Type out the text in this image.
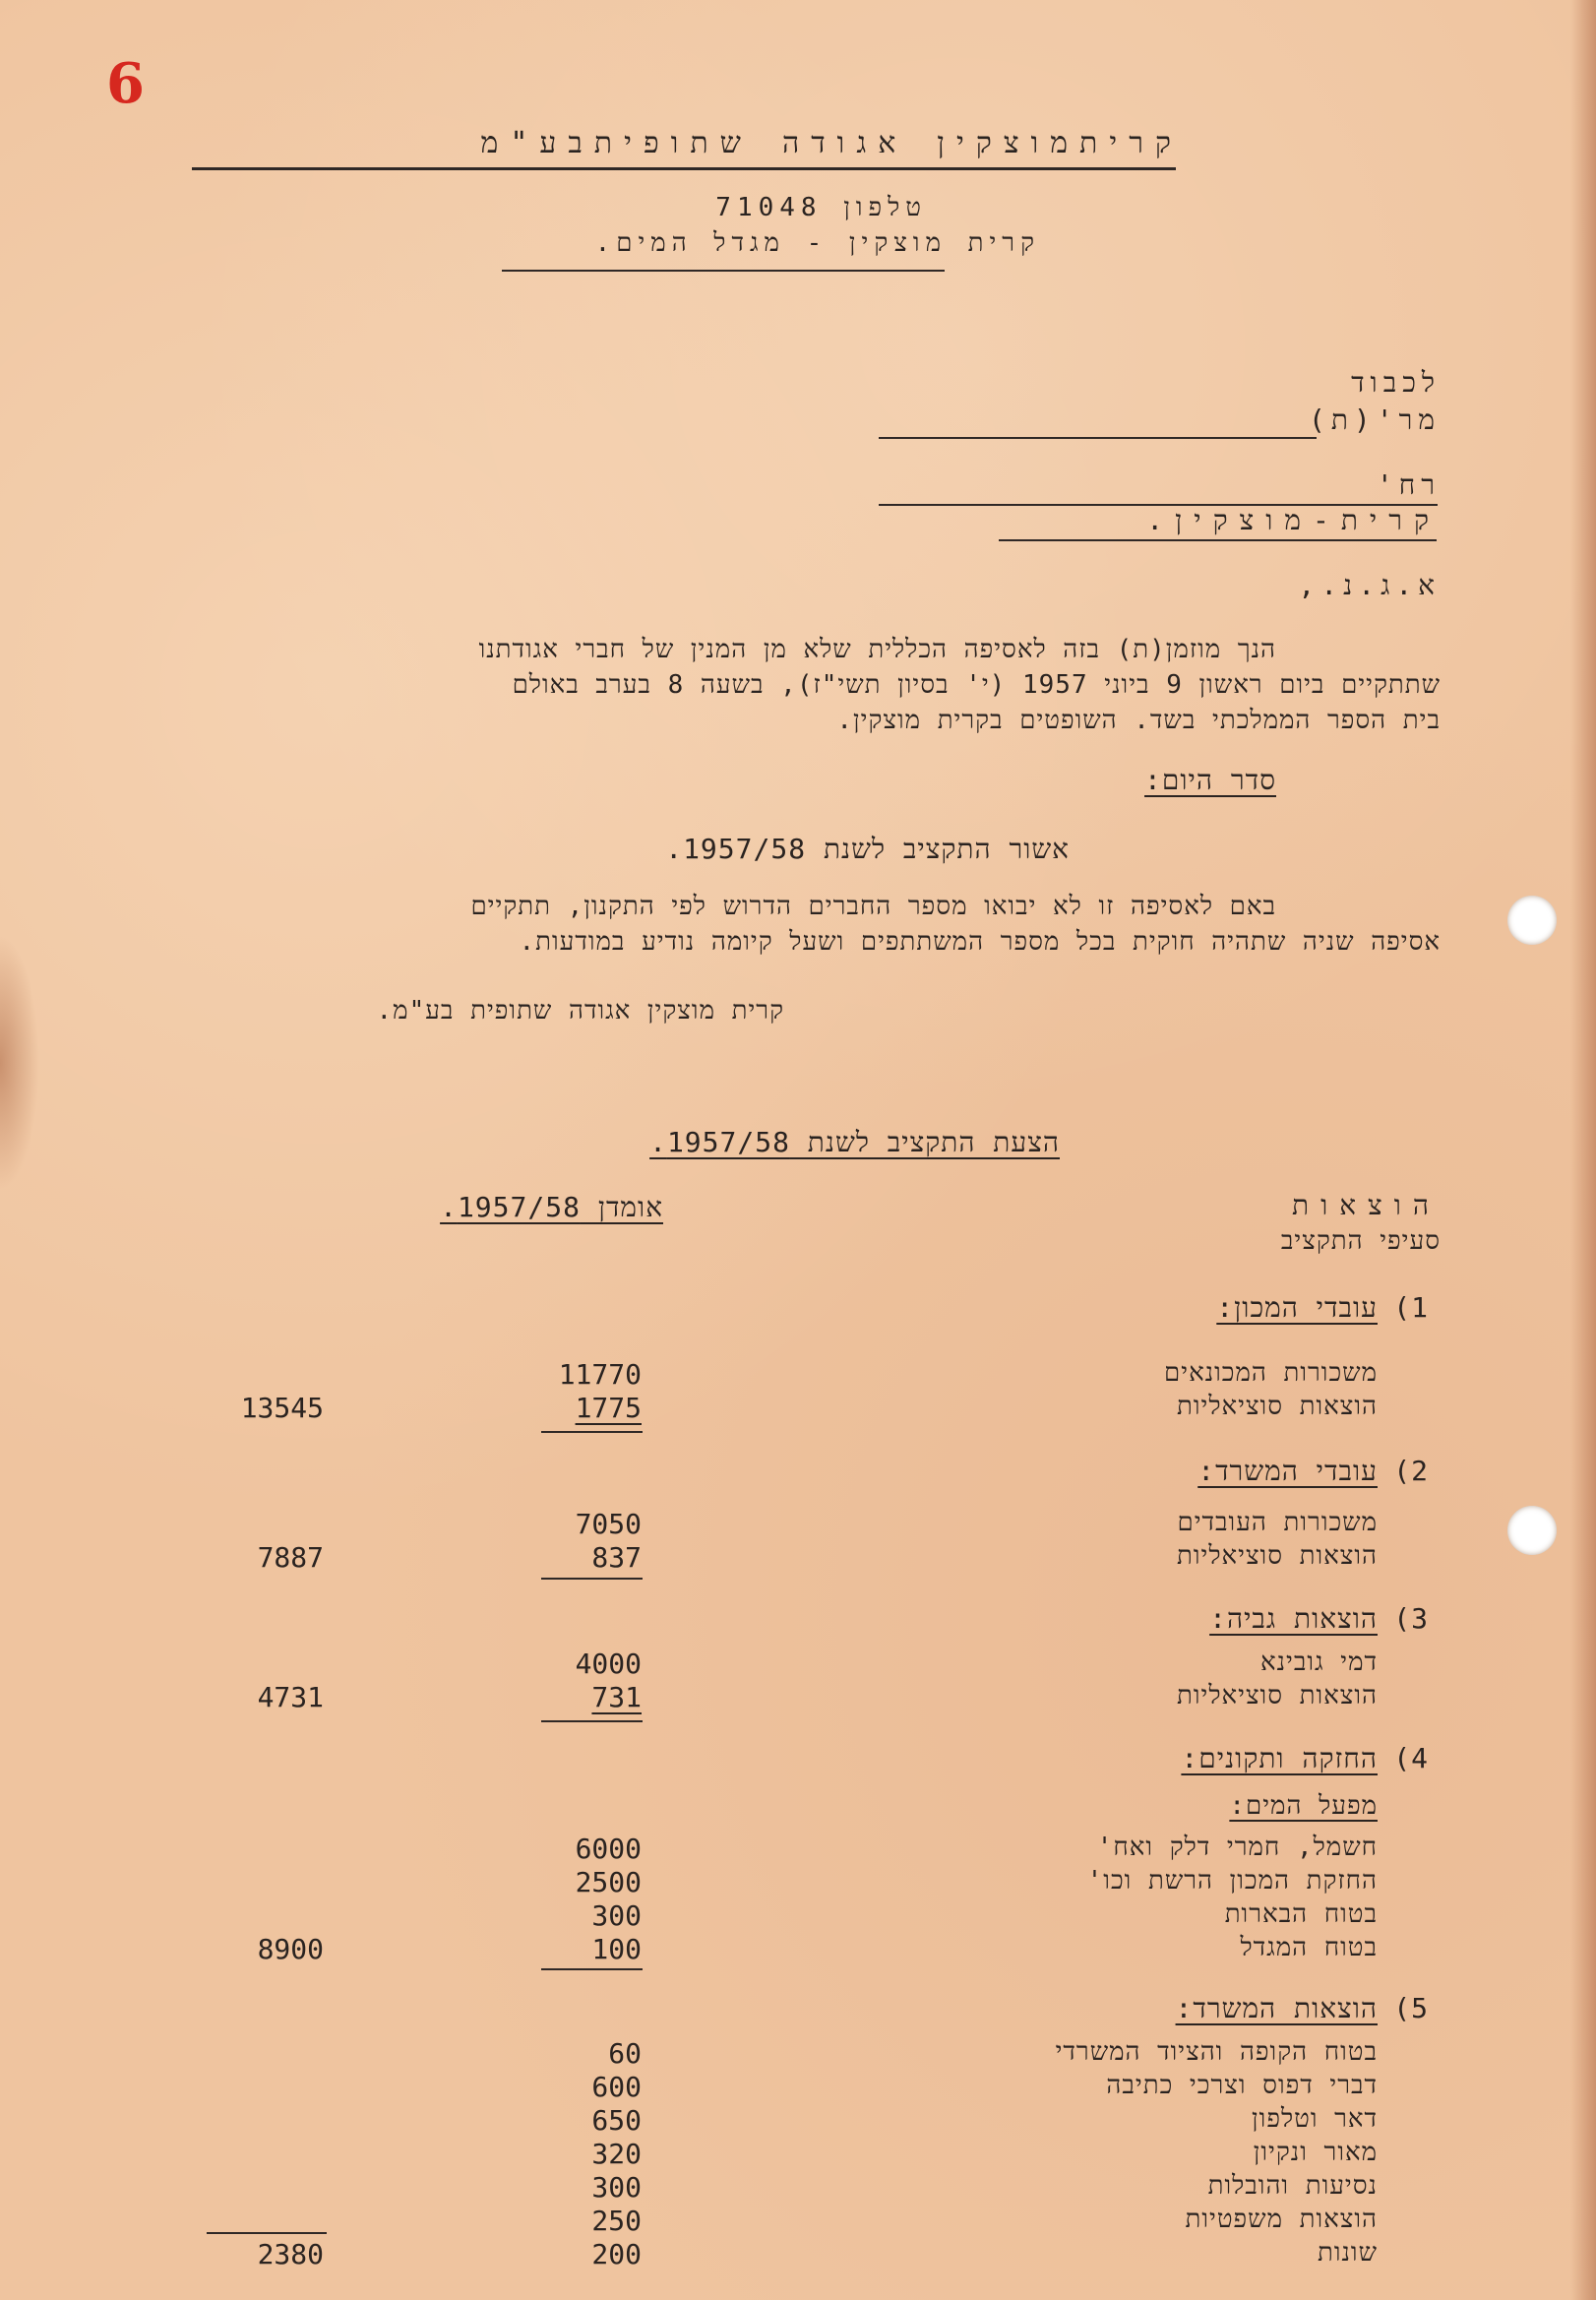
6
קריתמוצקין אגודה שתופיתבע"מ
טלפון 71048
קרית מוצקין - מגדל המים.
לכבוד
מר'(ת)
רח'
קרית-מוצקין.
א.ג.נ.,
הנך מוזמן(ת) בזה לאסיפה הכללית שלא מן המנין של חברי אגודתנו
שתתקיים ביום ראשון 9 ביוני 1957 (י' בסיון תשי"ז), בשעה 8 בערב באולם
בית הספר הממלכתי בשד. השופטים בקרית מוצקין.
סדר היום:
אשור התקציב לשנת 1957/58.
באם לאסיפה זו לא יבואו מספר החברים הדרוש לפי התקנון, תתקיים
אסיפה שניה שתהיה חוקית בכל מספר המשתתפים ושעל קיומה נודיע במודעות.
קרית מוצקין אגודה שתופית בע"מ.
הצעת התקציב לשנת 1957/58.
הוצאות
סעיפי התקציב
אומדן 1957/58.
1)
עובדי המכון:
משכורות המכונאים
11770
הוצאות סוציאליות
1775
13545
2)
עובדי המשרד:
משכורות העובדים
7050
הוצאות סוציאליות
837
7887
3)
הוצאות גביה:
דמי גובינא
4000
הוצאות סוציאליות
731
4731
4)
החזקה ותקונים:
מפעל המים:
חשמל, חמרי דלק ואח'
6000
החזקת המכון הרשת וכו'
2500
בטוח הבארות
300
בטוח המגדל
100
8900
5)
הוצאות המשרד:
בטוח הקופה והציוד המשרדי
60
דברי דפוס וצרכי כתיבה
600
דאר וטלפון
650
מאור ונקיון
320
נסיעות והובלות
300
הוצאות משפטיות
250
שונות
200
2380
